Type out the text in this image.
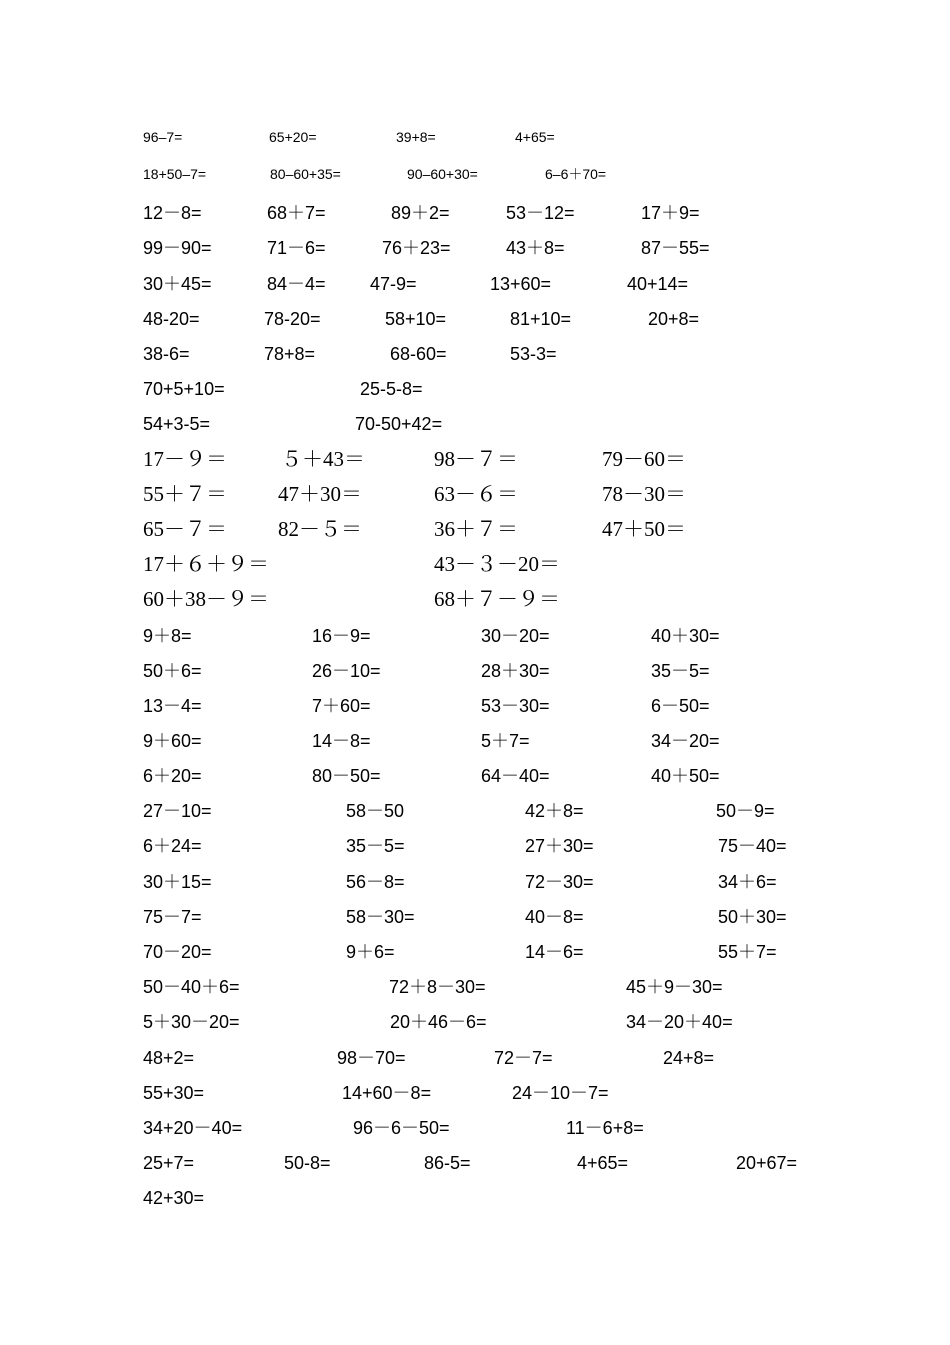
96–7=	65+20=	39+8=	4+65=
18+50–7=	80–60+35=	90–60+30=	6–6＋70=
12－8=	68＋7=	89＋2=	53－12=	17＋9=
99－90=	71－6=	76＋23=	43＋8=	87－55=
30＋45=	84－4= 47-9=	13+60=	40+14=
48-20=	78-20=	58+10=	81+10=	20+8=
38-6=	78+8=	68-60=	53-3=
70+5+10=	25-5-8=
54+3-5=	70-50+42=
17－９＝	５＋43＝	98－７＝	79－60＝
55＋７＝ 47＋30＝	63－６＝	78－30＝
65－７＝ 82－５＝	36＋７＝	47＋50＝
17＋６＋９＝	43－３－20＝
60＋38－９＝	68＋７－９＝
9＋8=	16－9=	30－20=	40＋30=
50＋6=	26－10=	28＋30=	35－5=
13－4=	7＋60=	53－30=	6－50=
9＋60=	14－8=	5＋7=	34－20=
6＋20=	80－50=	64－40=	40＋50=
27－10=	58－50	42＋8=	50－9=
6＋24=	35－5=	27＋30=	75－40=
30＋15=	56－8=	72－30=	34＋6=
75－7=	58－30=	40－8=	50＋30=
70－20=	9＋6=	14－6=	55＋7=
50－40＋6=	72＋8－30=	45＋9－30=
5＋30－20=	20＋46－6=	34－20＋40=
48+2=	98－70=	72－7=	24+8=
55+30=	14+60－8=	24－10－7=
34+20－40=	96－6－50=	11－6+8=
25+7=	50-8=	86-5=	4+65=	20+67=
42+30=
